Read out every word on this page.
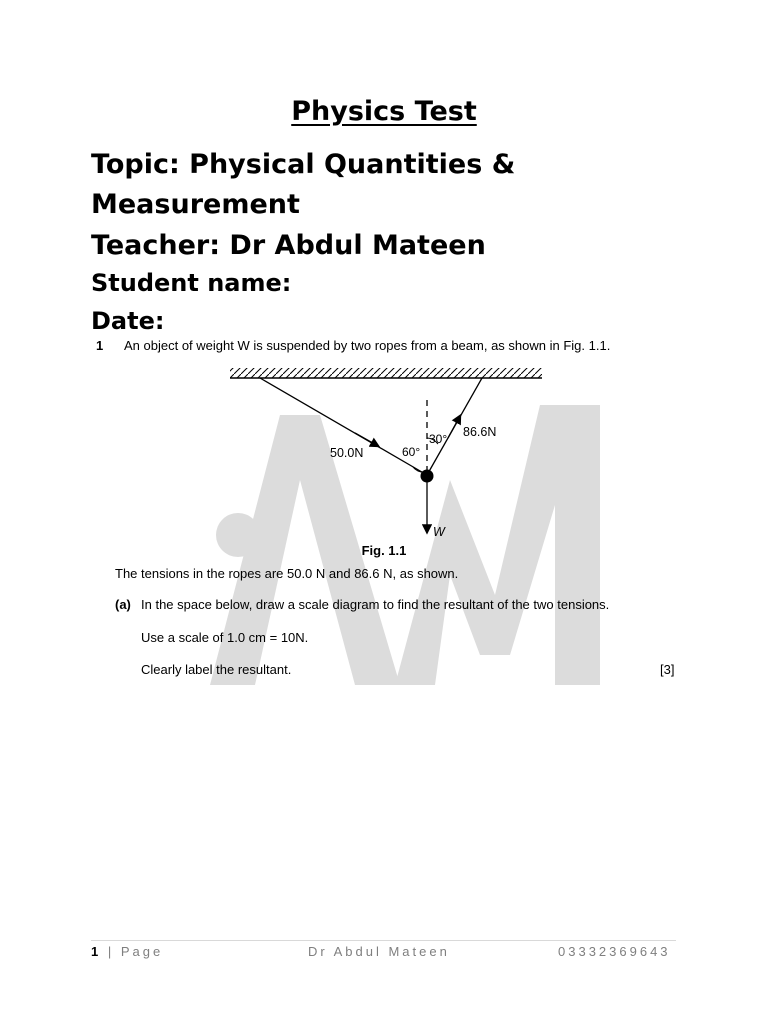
Physics Test
Topic: Physical Quantities &
Measurement
Teacher: Dr Abdul Mateen
Student name:
Date:
1 An object of weight W is suspended by two ropes from a beam, as shown in Fig. 1.1.
50.0N
86.6N
60°
30°
W
Fig. 1.1
The tensions in the ropes are 50.0 N and 86.6 N, as shown.
(a) In the space below, draw a scale diagram to find the resultant of the two tensions.
Use a scale of 1.0 cm = 10N.
Clearly label the resultant.	[3]
1 | Page	Dr Abdul Mateen	03332369643
